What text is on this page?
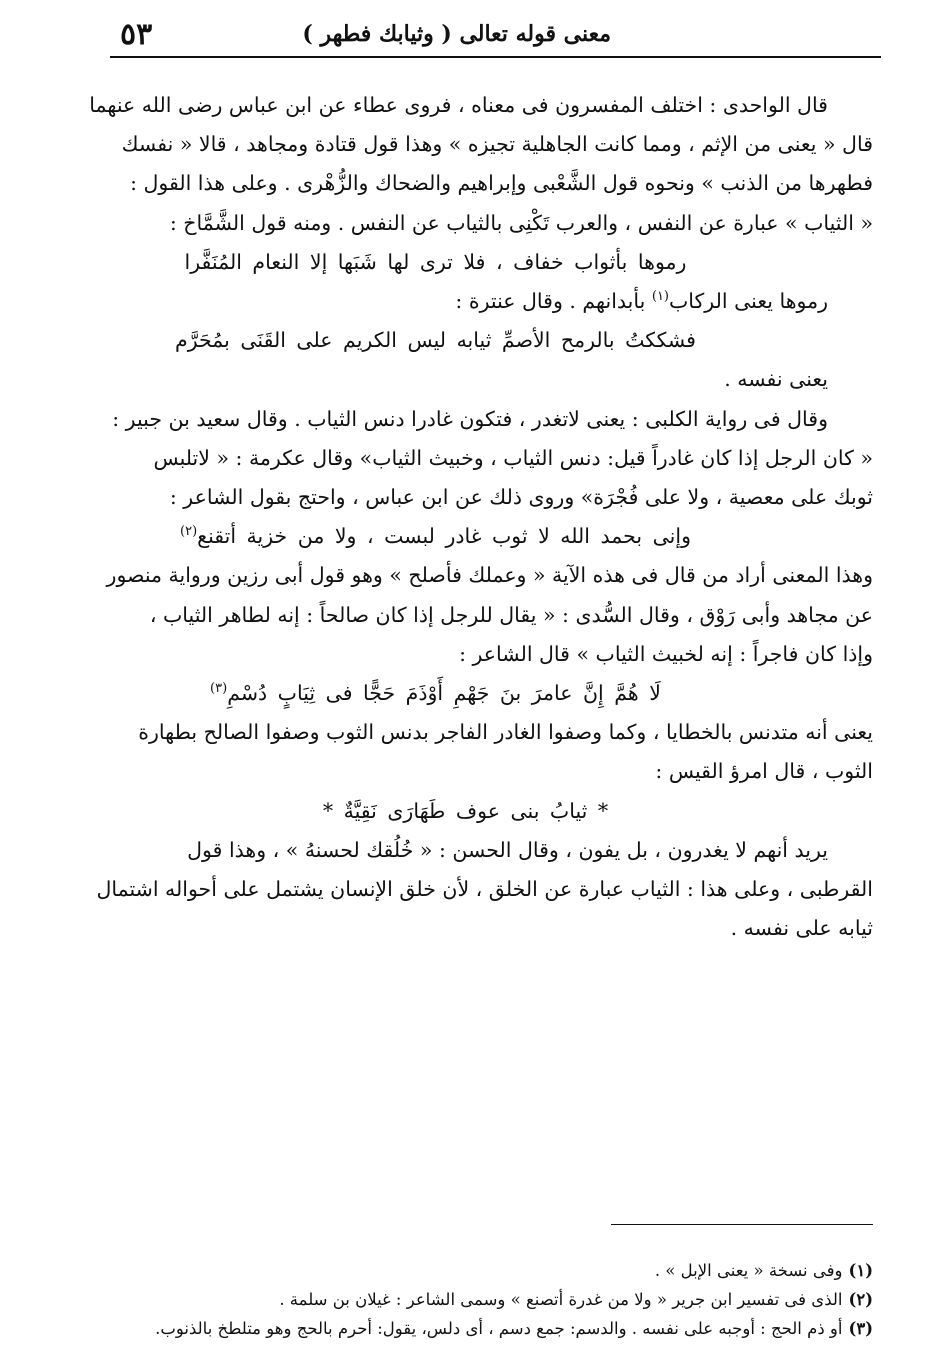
معنى قوله تعالى ( وثيابك فطهر )
٥٣

قال الواحدى : اختلف المفسرون فى معناه ، فروى عطاء عن ابن عباس رضى الله عنهما

قال « يعنى من الإثم ، ومما كانت الجاهلية تجيزه » وهذا قول قتادة ومجاهد ، قالا « نفسك

فطهرها من الذنب » ونحوه قول الشَّعْبى وإبراهيم والضحاك والزُّهْرى . وعلى هذا القول :

« الثياب » عبارة عن النفس ، والعرب تَكْنِى بالثياب عن النفس . ومنه قول الشَّمَّاخ :

رموها بأثواب خفاف ، فلا ترى لها شَبَها إلا النعام المُنَفَّرا

رموها يعنى الركاب$^{(١)}$ بأبدانهم . وقال عنترة :

فشككتُ بالرمح الأصمِّ ثيابه ليس الكريم على القَنَى بمُحَرَّم

يعنى نفسه .

وقال فى رواية الكلبى : يعنى لاتغدر ، فتكون غادرا دنس الثياب . وقال سعيد بن جبير :

« كان الرجل إذا كان غادراً قيل: دنس الثياب ، وخبيث الثياب» وقال عكرمة : « لاتلبس

ثوبك على معصية ، ولا على فُجْرَة» وروى ذلك عن ابن عباس ، واحتج بقول الشاعر :

وإنى بحمد الله لا ثوب غادر لبست ، ولا من خزية أتقنع$^{(٢)}$

وهذا المعنى أراد من قال فى هذه الآية « وعملك فأصلح » وهو قول أبى رزين ورواية منصور

عن مجاهد وأبى رَوْق ، وقال السُّدى : « يقال للرجل إذا كان صالحاً : إنه لطاهر الثياب ،

وإذا كان فاجراً : إنه لخبيث الثياب » قال الشاعر :

لَا هُمَّ إِنَّ عامرَ بنَ جَهْمِ أَوْذَمَ حَجًّا فى ثِيَابٍ دُسْمِ$^{(٣)}$

يعنى أنه متدنس بالخطايا ، وكما وصفوا الغادر الفاجر بدنس الثوب وصفوا الصالح بطهارة

الثوب ، قال امرؤ القيس :

* ثيابُ بنى عوف طَهَارَى نَقِيَّةٌ *

يريد أنهم لا يغدرون ، بل يفون ، وقال الحسن : « خُلُقك لحسنهُ » ، وهذا قول

القرطبى ، وعلى هذا : الثياب عبارة عن الخلق ، لأن خلق الإنسان يشتمل على أحواله اشتمال

ثيابه على نفسه .

(١)وفى نسخة « يعنى الإبل » .

(٢)الذى فى تفسير ابن جرير « ولا من غدرة أتصنع » وسمى الشاعر : غيلان بن سلمة .

(٣)أو ذم الحج : أوجبه على نفسه . والدسم: جمع دسم ، أى دلس، يقول: أحرم بالحج وهو متلطخ بالذنوب.
